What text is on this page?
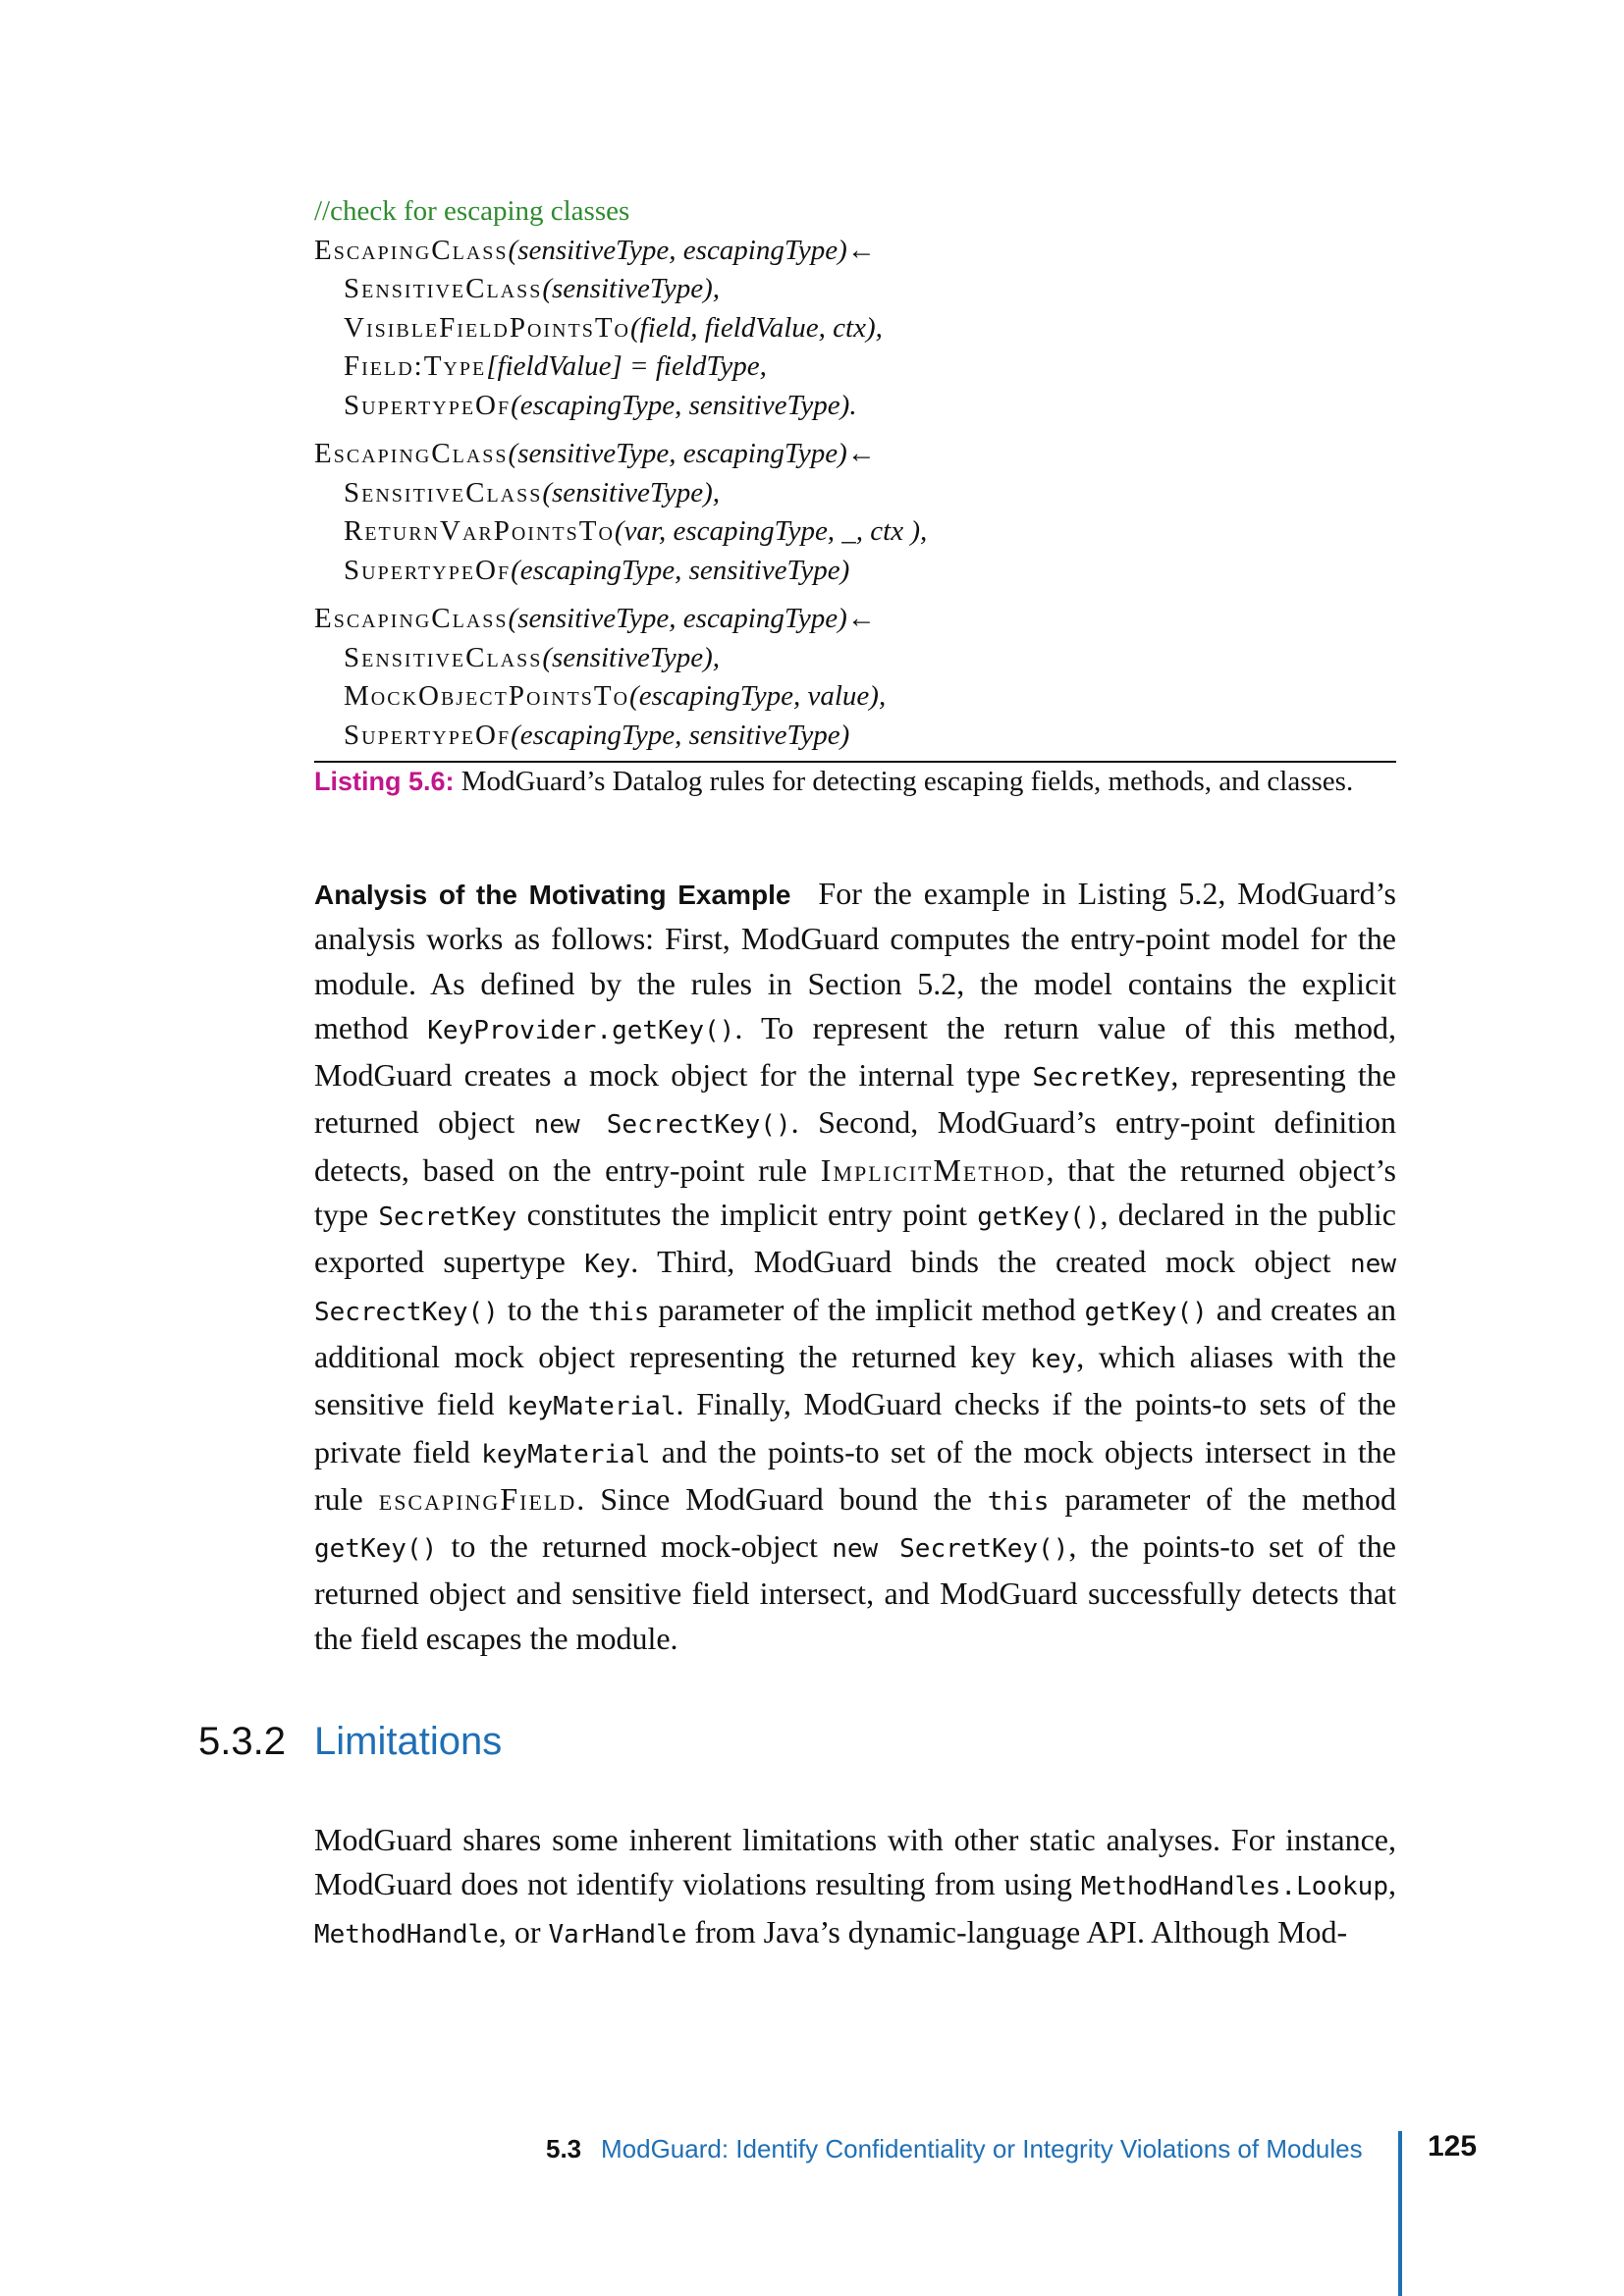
//check for escaping classes
EscapingClass(sensitiveType, escapingType)←
SensitiveClass(sensitiveType),
VisibleFieldPointsTo(field, fieldValue, ctx),
Field:Type[fieldValue] = fieldType,
SupertypeOf(escapingType, sensitiveType).
EscapingClass(sensitiveType, escapingType)←
SensitiveClass(sensitiveType),
ReturnVarPointsTo(var, escapingType, _, ctx ),
SupertypeOf(escapingType, sensitiveType)
EscapingClass(sensitiveType, escapingType)←
SensitiveClass(sensitiveType),
MockObjectPointsTo(escapingType, value),
SupertypeOf(escapingType, sensitiveType)
Listing 5.6: ModGuard’s Datalog rules for detecting escaping fields, methods, and classes.

Analysis of the Motivating Example For the example in Listing 5.2, ModGuard’s analysis works as follows: First, ModGuard computes the entry-point model for the module. As defined by the rules in Section 5.2, the model contains the explicit method KeyProvider.getKey(). To represent the return value of this method, ModGuard creates a mock object for the internal type SecretKey, representing the returned object new SecrectKey(). Second, ModGuard’s entry-point definition detects, based on the entry-point rule ImplicitMethod, that the returned object’s type SecretKey constitutes the implicit entry point getKey(), declared in the public exported supertype Key. Third, ModGuard binds the created mock object new SecrectKey() to the this parameter of the implicit method getKey() and creates an additional mock object representing the returned key key, which aliases with the sensitive field keyMaterial. Finally, ModGuard checks if the points-to sets of the private field keyMaterial and the points-to set of the mock objects intersect in the rule escapingField. Since ModGuard bound the this parameter of the method getKey() to the returned mock-object new SecretKey(), the points-to set of the returned object and sensitive field intersect, and ModGuard successfully detects that the field escapes the module.

5.3.2 Limitations

ModGuard shares some inherent limitations with other static analyses. For instance, ModGuard does not identify violations resulting from using MethodHandles.Lookup, MethodHandle, or VarHandle from Java’s dynamic-language API. Although Mod-

5.3 ModGuard: Identify Confidentiality or Integrity Violations of Modules 125
